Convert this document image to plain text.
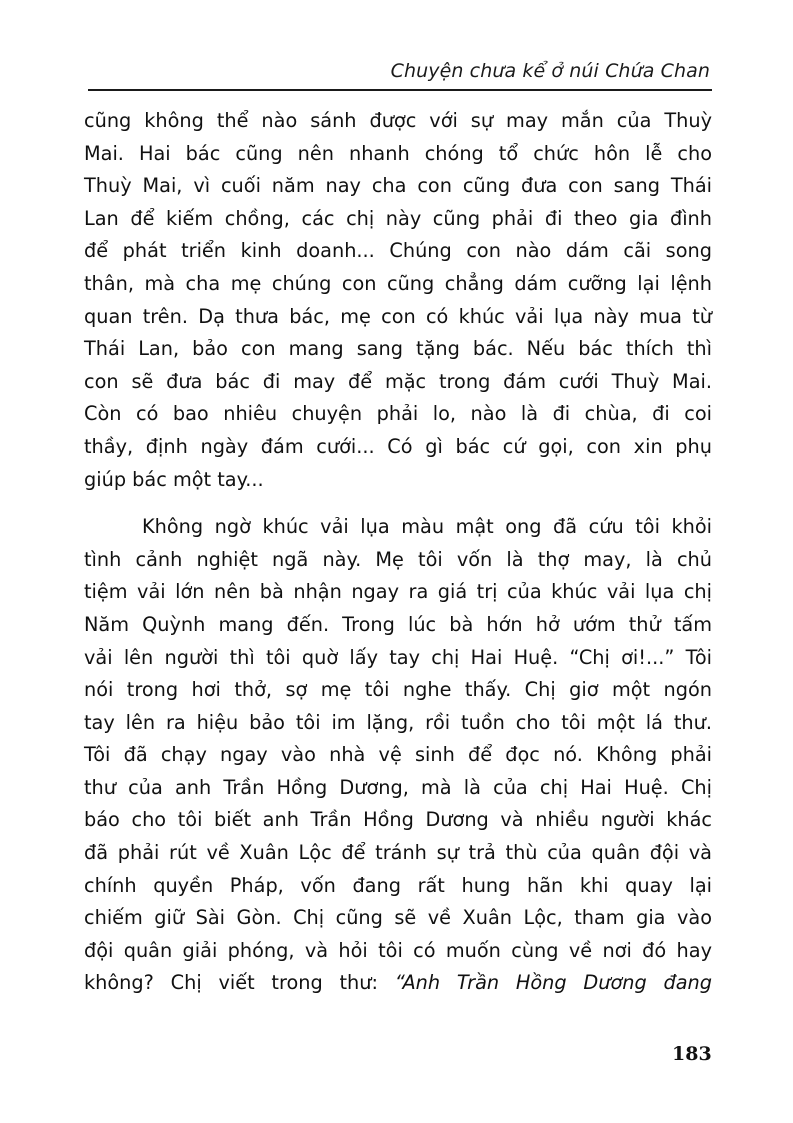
Chuyện chưa kể ở núi Chứa Chan
cũng không thể nào sánh được với sự may mắn của Thuỳ
Mai. Hai bác cũng nên nhanh chóng tổ chức hôn lễ cho
Thuỳ Mai, vì cuối năm nay cha con cũng đưa con sang Thái
Lan để kiếm chồng, các chị này cũng phải đi theo gia đình
để phát triển kinh doanh... Chúng con nào dám cãi song
thân, mà cha mẹ chúng con cũng chẳng dám cưỡng lại lệnh
quan trên. Dạ thưa bác, mẹ con có khúc vải lụa này mua từ
Thái Lan, bảo con mang sang tặng bác. Nếu bác thích thì
con sẽ đưa bác đi may để mặc trong đám cưới Thuỳ Mai.
Còn có bao nhiêu chuyện phải lo, nào là đi chùa, đi coi
thầy, định ngày đám cưới... Có gì bác cứ gọi, con xin phụ
giúp bác một tay...
Không ngờ khúc vải lụa màu mật ong đã cứu tôi khỏi
tình cảnh nghiệt ngã này. Mẹ tôi vốn là thợ may, là chủ
tiệm vải lớn nên bà nhận ngay ra giá trị của khúc vải lụa chị
Năm Quỳnh mang đến. Trong lúc bà hớn hở ướm thử tấm
vải lên người thì tôi quờ lấy tay chị Hai Huệ. “Chị ơi!...” Tôi
nói trong hơi thở, sợ mẹ tôi nghe thấy. Chị giơ một ngón
tay lên ra hiệu bảo tôi im lặng, rồi tuồn cho tôi một lá thư.
Tôi đã chạy ngay vào nhà vệ sinh để đọc nó. Không phải
thư của anh Trần Hồng Dương, mà là của chị Hai Huệ. Chị
báo cho tôi biết anh Trần Hồng Dương và nhiều người khác
đã phải rút về Xuân Lộc để tránh sự trả thù của quân đội và
chính quyền Pháp, vốn đang rất hung hãn khi quay lại
chiếm giữ Sài Gòn. Chị cũng sẽ về Xuân Lộc, tham gia vào
đội quân giải phóng, và hỏi tôi có muốn cùng về nơi đó hay
không? Chị viết trong thư: “Anh Trần Hồng Dương đang
183
